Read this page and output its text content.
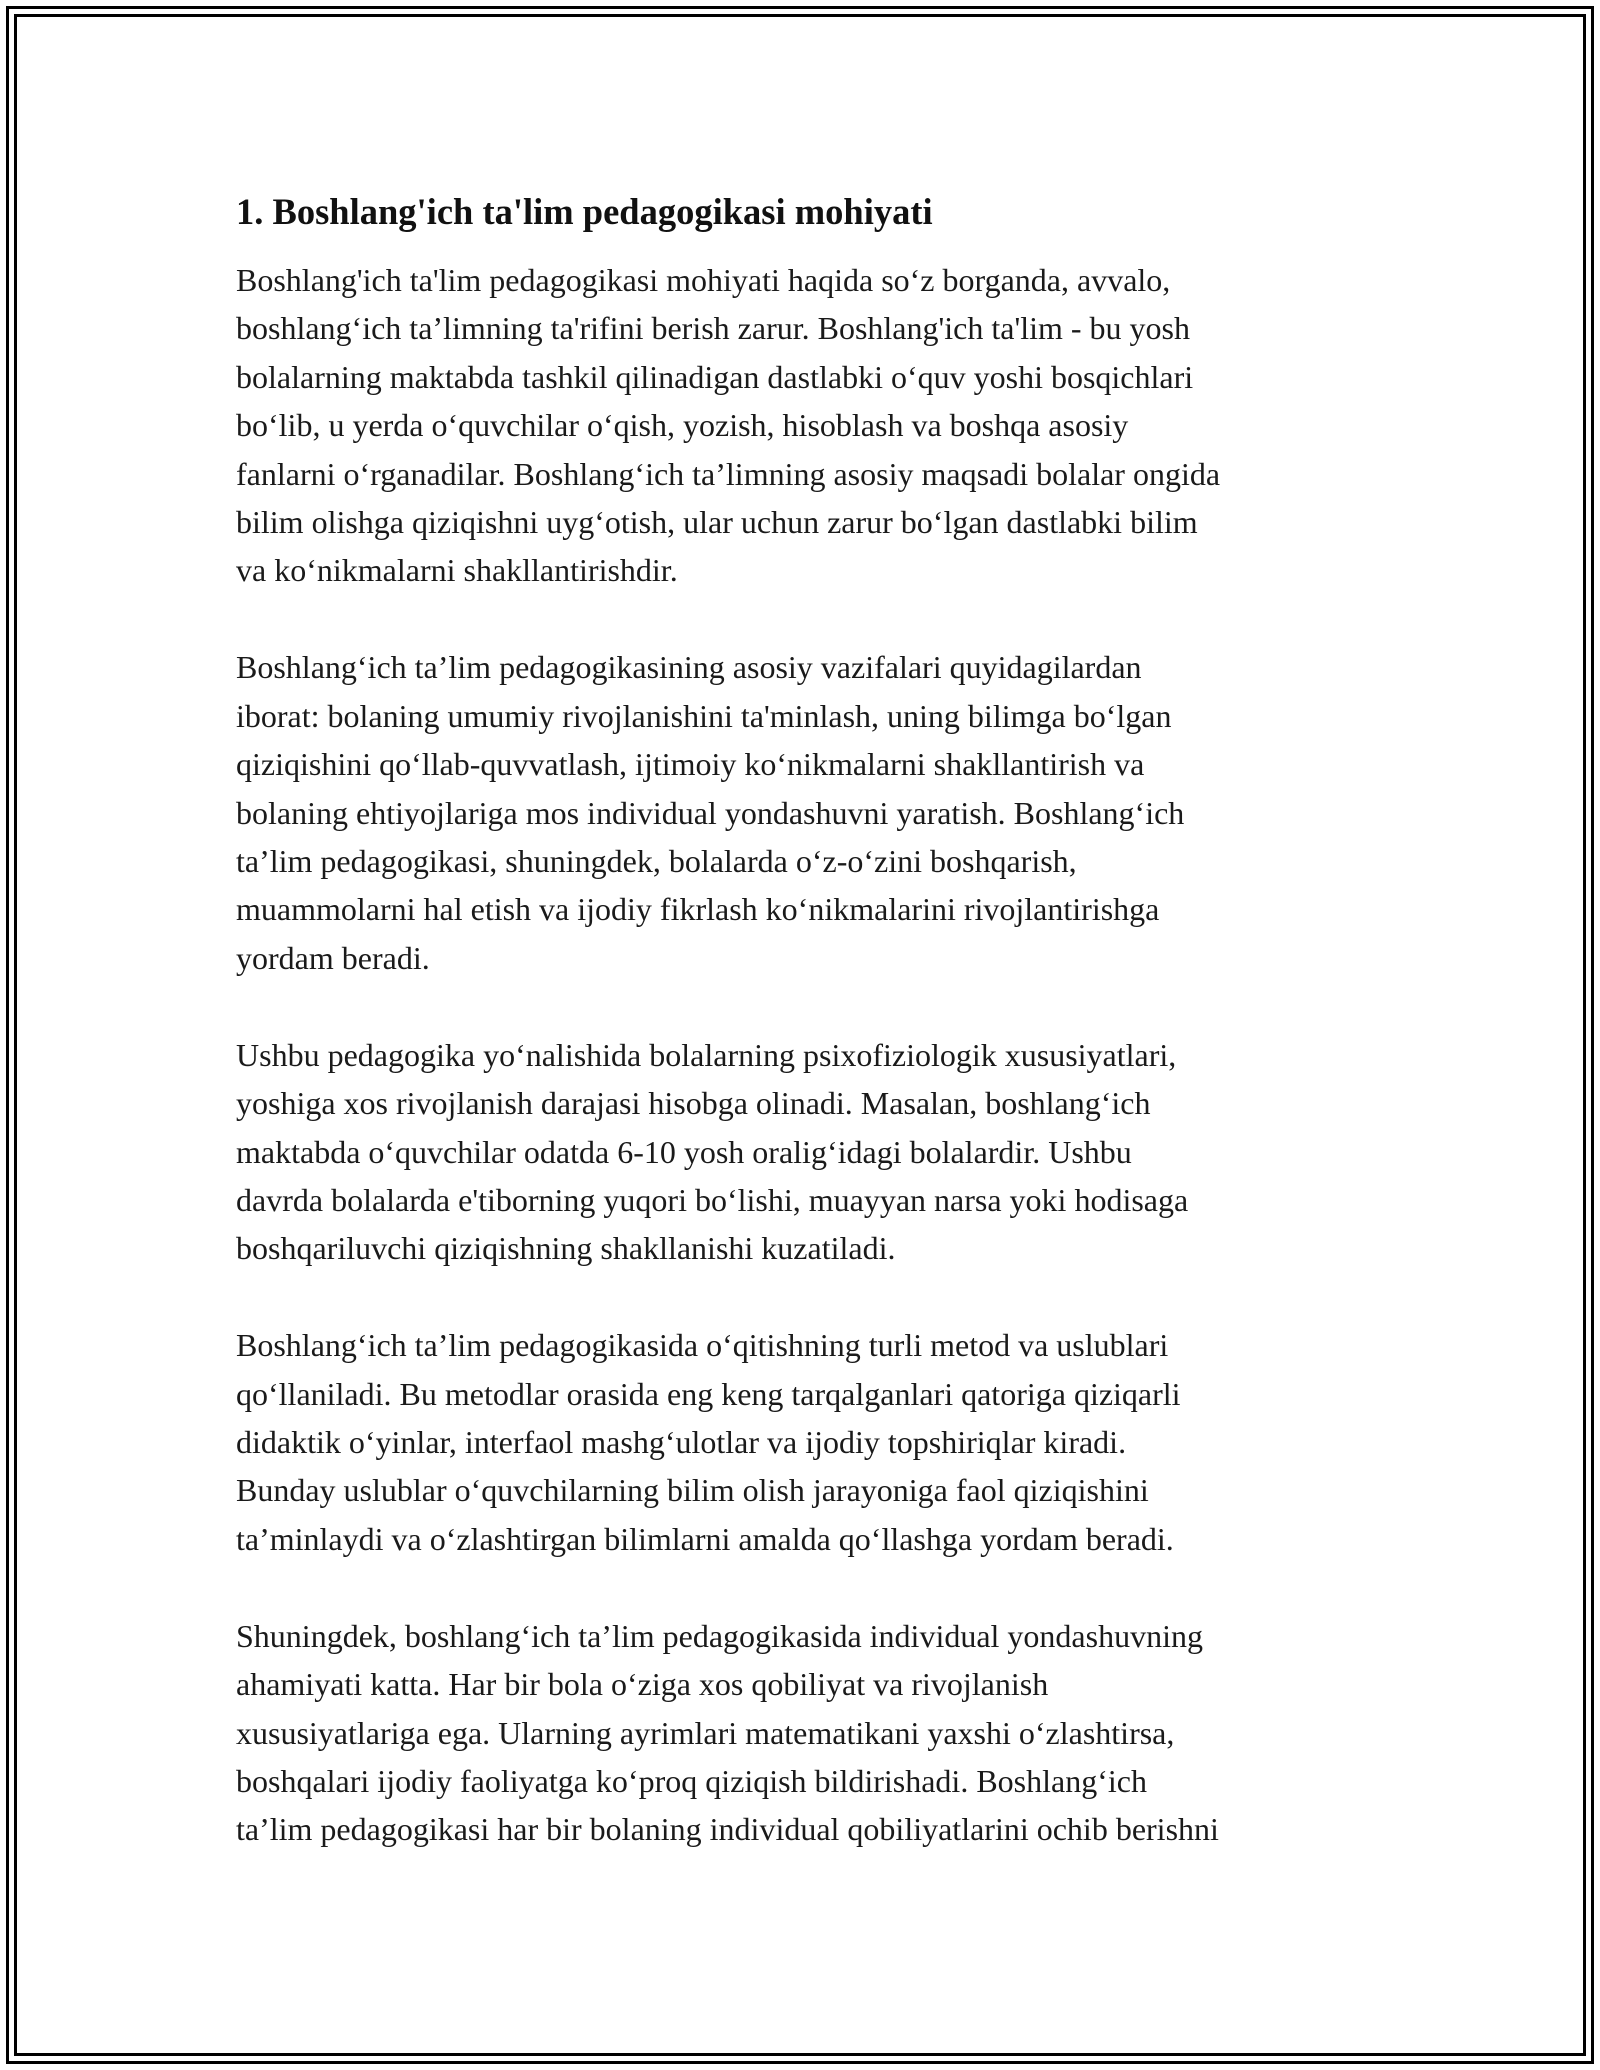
1. Boshlang'ich ta'lim pedagogikasi mohiyati

Boshlang'ich ta'lim pedagogikasi mohiyati haqida so‘z borganda, avvalo,
boshlang‘ich ta’limning ta'rifini berish zarur. Boshlang'ich ta'lim - bu yosh
bolalarning maktabda tashkil qilinadigan dastlabki o‘quv yoshi bosqichlari
bo‘lib, u yerda o‘quvchilar o‘qish, yozish, hisoblash va boshqa asosiy
fanlarni o‘rganadilar. Boshlang‘ich ta’limning asosiy maqsadi bolalar ongida
bilim olishga qiziqishni uyg‘otish, ular uchun zarur bo‘lgan dastlabki bilim
va ko‘nikmalarni shakllantirishdir.

Boshlang‘ich ta’lim pedagogikasining asosiy vazifalari quyidagilardan
iborat: bolaning umumiy rivojlanishini ta'minlash, uning bilimga bo‘lgan
qiziqishini qo‘llab-quvvatlash, ijtimoiy ko‘nikmalarni shakllantirish va
bolaning ehtiyojlariga mos individual yondashuvni yaratish. Boshlang‘ich
ta’lim pedagogikasi, shuningdek, bolalarda o‘z-o‘zini boshqarish,
muammolarni hal etish va ijodiy fikrlash ko‘nikmalarini rivojlantirishga
yordam beradi.

Ushbu pedagogika yo‘nalishida bolalarning psixofiziologik xususiyatlari,
yoshiga xos rivojlanish darajasi hisobga olinadi. Masalan, boshlang‘ich
maktabda o‘quvchilar odatda 6-10 yosh oralig‘idagi bolalardir. Ushbu
davrda bolalarda e'tiborning yuqori bo‘lishi, muayyan narsa yoki hodisaga
boshqariluvchi qiziqishning shakllanishi kuzatiladi.

Boshlang‘ich ta’lim pedagogikasida o‘qitishning turli metod va uslublari
qo‘llaniladi. Bu metodlar orasida eng keng tarqalganlari qatoriga qiziqarli
didaktik o‘yinlar, interfaol mashg‘ulotlar va ijodiy topshiriqlar kiradi.
Bunday uslublar o‘quvchilarning bilim olish jarayoniga faol qiziqishini
ta’minlaydi va o‘zlashtirgan bilimlarni amalda qo‘llashga yordam beradi.

Shuningdek, boshlang‘ich ta’lim pedagogikasida individual yondashuvning
ahamiyati katta. Har bir bola o‘ziga xos qobiliyat va rivojlanish
xususiyatlariga ega. Ularning ayrimlari matematikani yaxshi o‘zlashtirsa,
boshqalari ijodiy faoliyatga ko‘proq qiziqish bildirishadi. Boshlang‘ich
ta’lim pedagogikasi har bir bolaning individual qobiliyatlarini ochib berishni
